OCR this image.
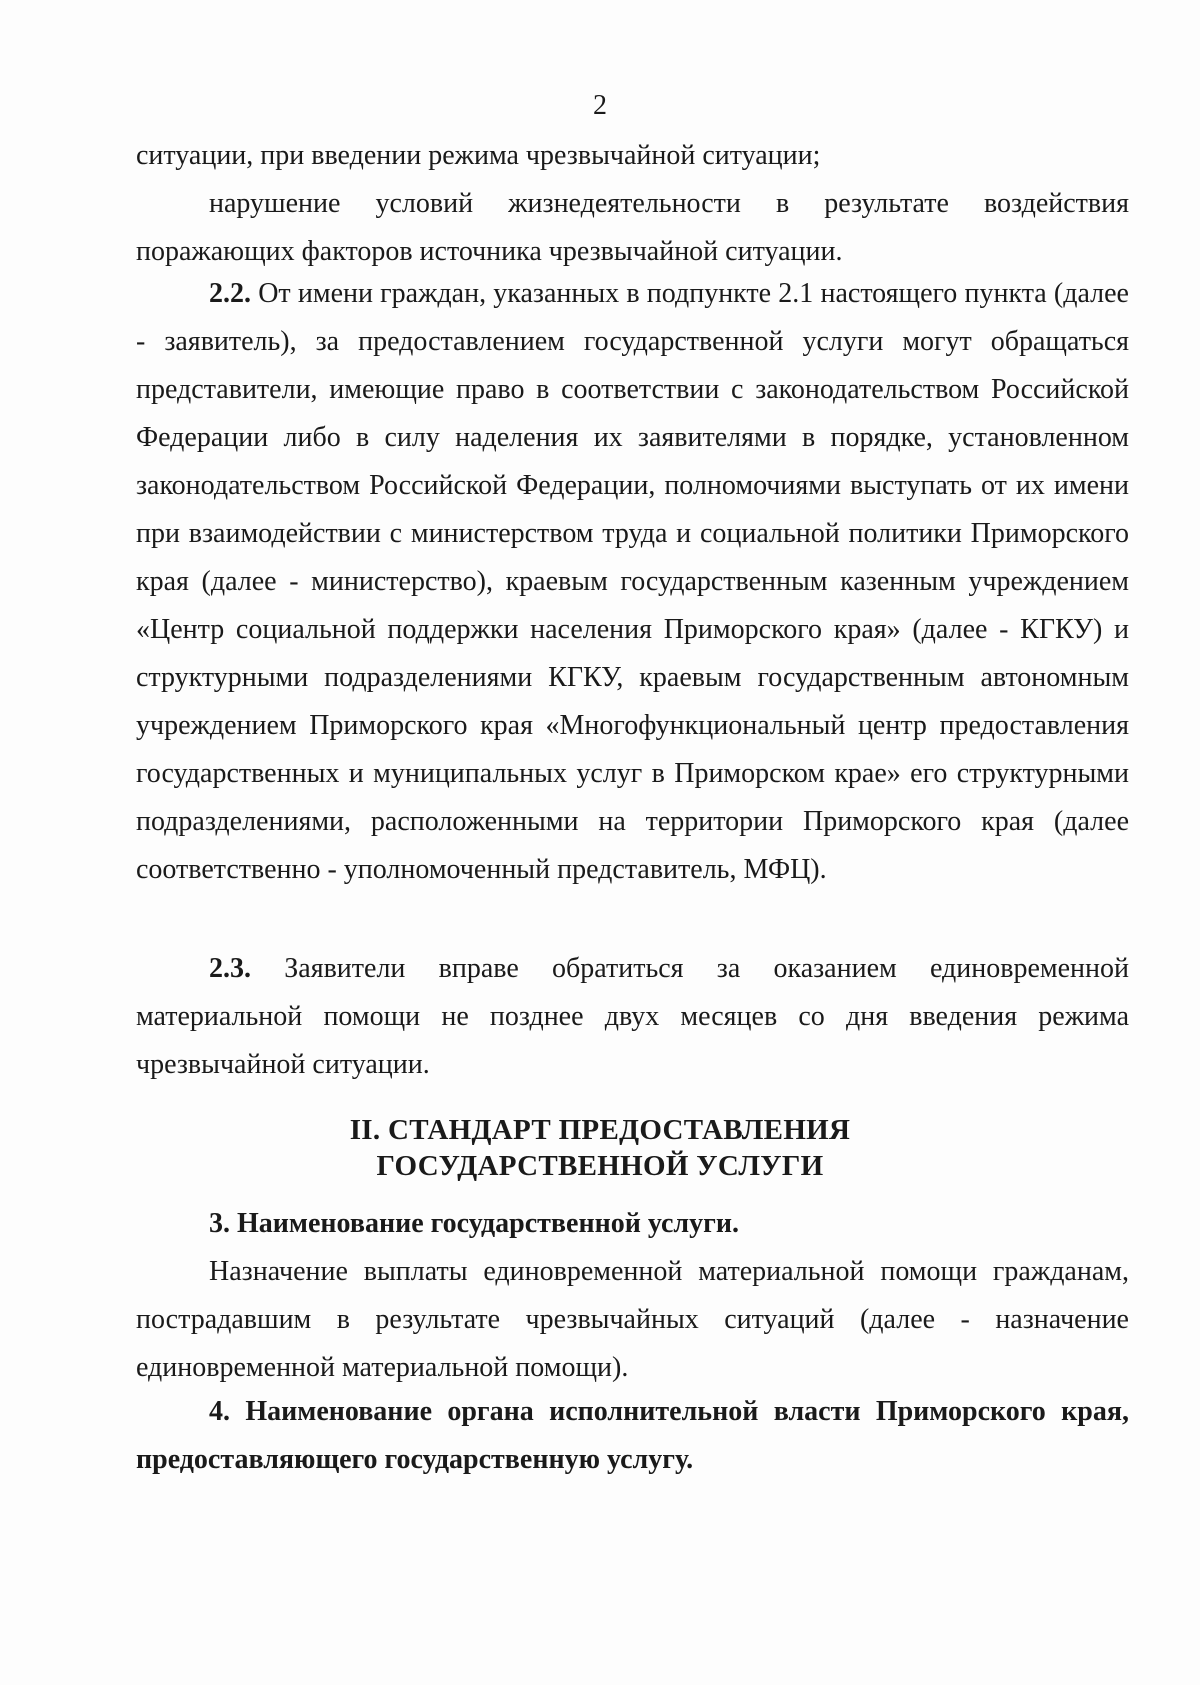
2

ситуации, при введении режима чрезвычайной ситуации;

нарушение условий жизнедеятельности в результате воздействия поражающих факторов источника чрезвычайной ситуации.

2.2. От имени граждан, указанных в подпункте 2.1 настоящего пункта (далее - заявитель), за предоставлением государственной услуги могут обращаться представители, имеющие право в соответствии с законодательством Российской Федерации либо в силу наделения их заявителями в порядке, установленном законодательством Российской Федерации, полномочиями выступать от их имени при взаимодействии с министерством труда и социальной политики Приморского края (далее - министерство), краевым государственным казенным учреждением «Центр социальной поддержки населения Приморского края» (далее - КГКУ) и структурными подразделениями КГКУ, краевым государственным автономным учреждением Приморского края «Многофункциональный центр предоставления государственных и муниципальных услуг в Приморском крае» его структурными подразделениями, расположенными на территории Приморского края (далее соответственно - уполномоченный представитель, МФЦ).

2.3. Заявители вправе обратиться за оказанием единовременной материальной помощи не позднее двух месяцев со дня введения режима чрезвычайной ситуации.

II. СТАНДАРТ ПРЕДОСТАВЛЕНИЯ
ГОСУДАРСТВЕННОЙ УСЛУГИ

3. Наименование государственной услуги.

Назначение выплаты единовременной материальной помощи гражданам, пострадавшим в результате чрезвычайных ситуаций (далее - назначение единовременной материальной помощи).

4. Наименование органа исполнительной власти Приморского края, предоставляющего государственную услугу.
